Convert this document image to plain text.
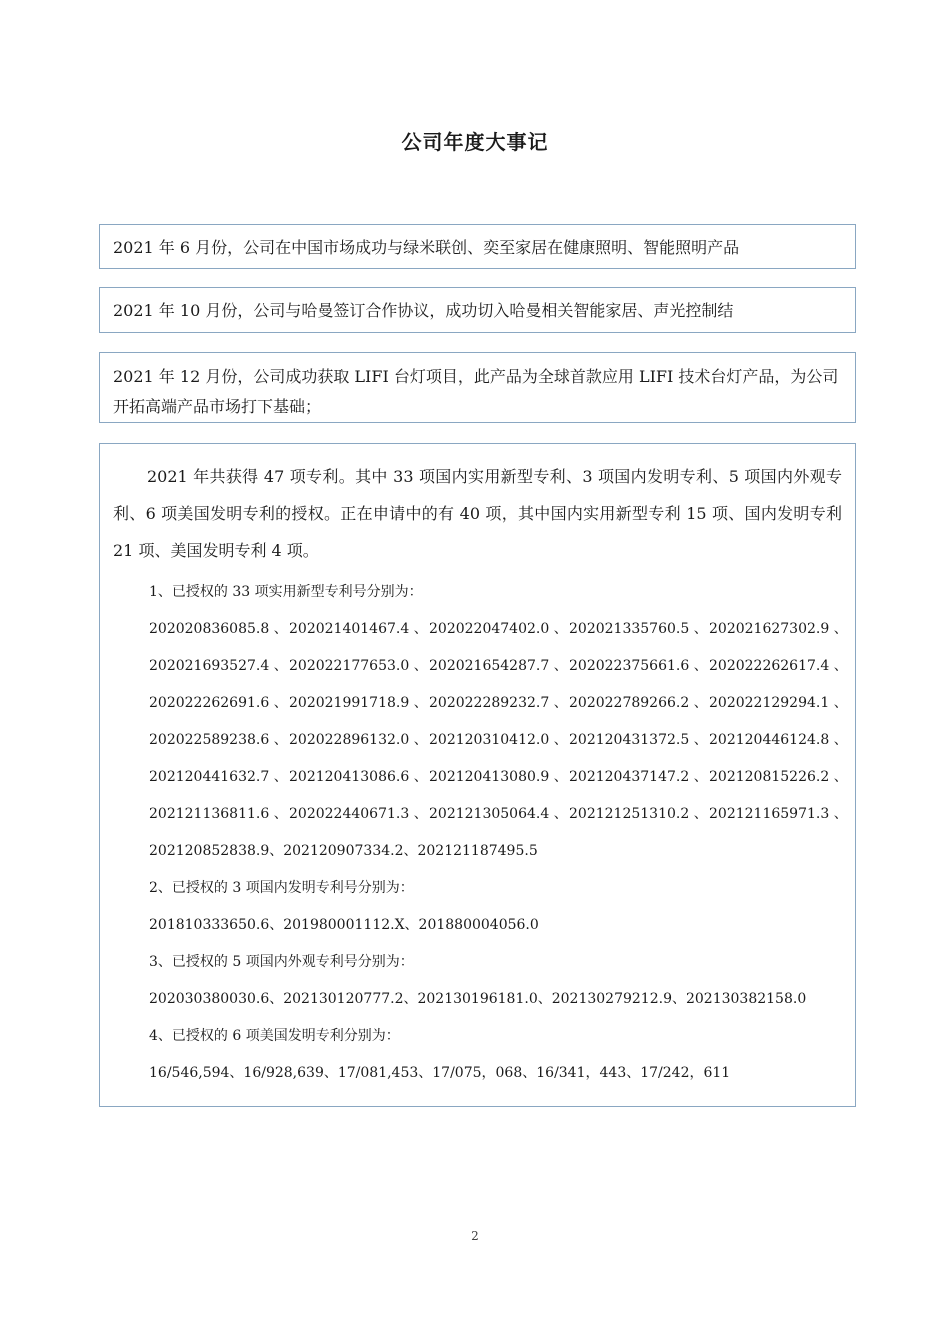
公司年度大事记
2021 年 6 月份，公司在中国市场成功与绿米联创、奕至家居在健康照明、智能照明产品
2021 年 10 月份，公司与哈曼签订合作协议，成功切入哈曼相关智能家居、声光控制结
2021 年 12 月份，公司成功获取 LIFI 台灯项目，此产品为全球首款应用 LIFI 技术台灯产品，为公司开拓高端产品市场打下基础；

2021 年共获得 47 项专利。其中 33 项国内实用新型专利、3 项国内发明专利、5 项国内外观专利、6 项美国发明专利的授权。正在申请中的有 40 项，其中国内实用新型专利 15 项、国内发明专利 21 项、美国发明专利 4 项。

1、已授权的 33 项实用新型专利号分别为：
202020836085.8 、 202021401467.4 、 202022047402.0 、 202021335760.5 、 202021627302.9 、
202021693527.4 、 202022177653.0 、 202021654287.7 、 202022375661.6 、 202022262617.4 、
202022262691.6 、 202021991718.9 、 202022289232.7 、 202022789266.2 、 202022129294.1 、
202022589238.6 、 202022896132.0 、 202120310412.0 、 202120431372.5 、 202120446124.8 、
202120441632.7 、 202120413086.6 、 202120413080.9 、 202120437147.2 、 202120815226.2 、
202121136811.6 、 202022440671.3 、 202121305064.4 、 202121251310.2 、 202121165971.3 、
202120852838.9、202120907334.2、202121187495.5
2、已授权的 3 项国内发明专利号分别为：
201810333650.6、201980001112.X、201880004056.0
3、已授权的 5 项国内外观专利号分别为：
202030380030.6、202130120777.2、202130196181.0、202130279212.9、202130382158.0
4、已授权的 6 项美国发明专利分别为：
16/546,594、16/928,639、17/081,453、17/075，068、16/341，443、17/242，611
2
